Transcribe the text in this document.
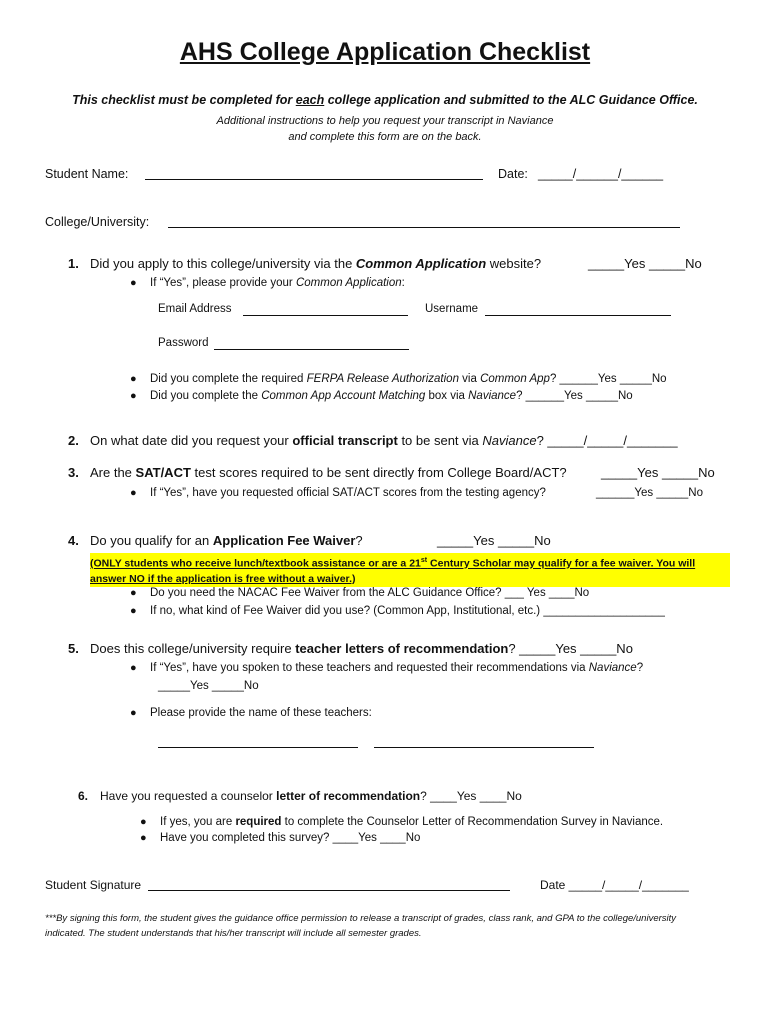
AHS College Application Checklist
This checklist must be completed for each college application and submitted to the ALC Guidance Office.
Additional instructions to help you request your transcript in Naviance
and complete this form are on the back.
Student Name:	Date: _____/______/______
College/University:
1. Did you apply to this college/university via the Common Application website?	_____Yes _____No
● If “Yes”, please provide your Common Application:
Email Address	Username
Password
● Did you complete the required FERPA Release Authorization via Common App? ______Yes _____No
● Did you complete the Common App Account Matching box via Naviance? ______Yes _____No
2. On what date did you request your official transcript to be sent via Naviance? _____/_____/_______
3. Are the SAT/ACT test scores required to be sent directly from College Board/ACT?	_____Yes _____No
● If “Yes”, have you requested official SAT/ACT scores from the testing agency?	______Yes _____No
4. Do you qualify for an Application Fee Waiver?	_____Yes _____No
(ONLY students who receive lunch/textbook assistance or are a 21st Century Scholar may qualify for a fee waiver. You will answer NO if the application is free without a waiver.)
● Do you need the NACAC Fee Waiver from the ALC Guidance Office? ___ Yes ____No
● If no, what kind of Fee Waiver did you use? (Common App, Institutional, etc.) ___________________
5. Does this college/university require teacher letters of recommendation? _____Yes _____No
● If “Yes”, have you spoken to these teachers and requested their recommendations via Naviance?
_____Yes _____No
● Please provide the name of these teachers:
6. Have you requested a counselor letter of recommendation? ____Yes ____No
● If yes, you are required to complete the Counselor Letter of Recommendation Survey in Naviance.
● Have you completed this survey? ____Yes ____No
Student Signature	Date _____/_____/_______
***By signing this form, the student gives the guidance office permission to release a transcript of grades, class rank, and GPA to the college/university indicated. The student understands that his/her transcript will include all semester grades.
